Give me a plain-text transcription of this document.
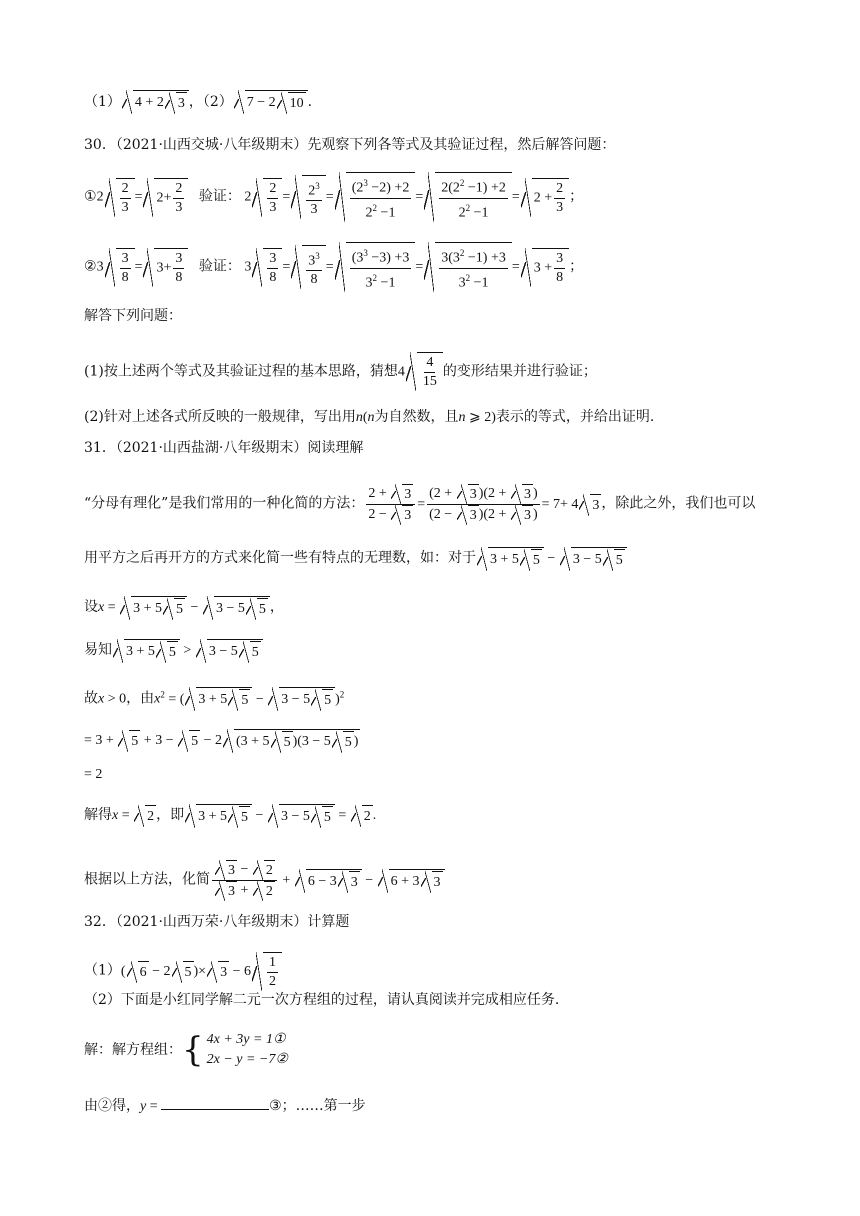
（1） 4 + 2 3 ，（2） 7 − 2 10 .
30．（2021·山西交城·八年级期末）先观察下列各等式及其验证过程，然后解答问题：
①2 $\frac{2}{3} = 2+ \frac{2}{3}$ 验证： $2 \frac{2}{3} = \frac{2^3}{3} = \frac{(2^3 -2) +2}{2^2 -1} = \frac{2(2^2 -1) +2}{2^2 -1} = 2 + \frac{2}{3}$ ；
②3 $\frac{3}{8} = 3+ \frac{3}{8}$ 验证： $3 \frac{3}{8} = \frac{3^3}{8} = \frac{(3^3 -3) +3}{3^2 -1} = \frac{3(3^2 -1) +3}{3^2 -1} = 3 + \frac{3}{8}$ ；
解答下列问题：
(1)按上述两个等式及其验证过程的基本思路，猜想$4 \frac{4}{15}$ 的变形结果并进行验证；
(2)针对上述各式所反映的一般规律，写出用n(n为自然数，且n ⩾ 2)表示的等式，并给出证明.
31．（2021·山西盐湖·八年级期末）阅读理解
“分母有理化”是我们常用的一种化简的方法： $\frac{2 + 3}{2 - 3} = \frac{(2 + 3 )(2 + 3 )}{(2 - 3 )(2 + 3 )} = 7+ 4$ 3 ，除此之外，我们也可以
用平方之后再开方的方式来化简一些有特点的无理数，如：对于 3 + 5 5 − 3 − 5 5
设x = 3 + 5 5 − 3 − 5 5 ，
易知 3 + 5 5 > 3 − 5 5
故x > 0，由$x^2$ = ( 3 + 5 5 − 3 − 5 5 )$^2$
= 3 + 5 + 3 − 5 − 2 (3 + 5 5 )(3 − 5 5 )
= 2
解得x = 2 ，即 3 + 5 5 − 3 − 5 5 = 2 .
根据以上方法，化简 $\frac{3 - 2}{3 + 2} + 6 - 3$ 3 − 6 + 3 3
32．（2021·山西万荣·八年级期末）计算题
（1）( 6 − 2 5 )× $3 - 6 \frac{1}{2}$
（2）下面是小红同学解二元一次方程组的过程，请认真阅读并完成相应任务.
解：解方程组： { 4x + 3y = 1①
2x − y = −7②
由②得，y =	③；……第一步
